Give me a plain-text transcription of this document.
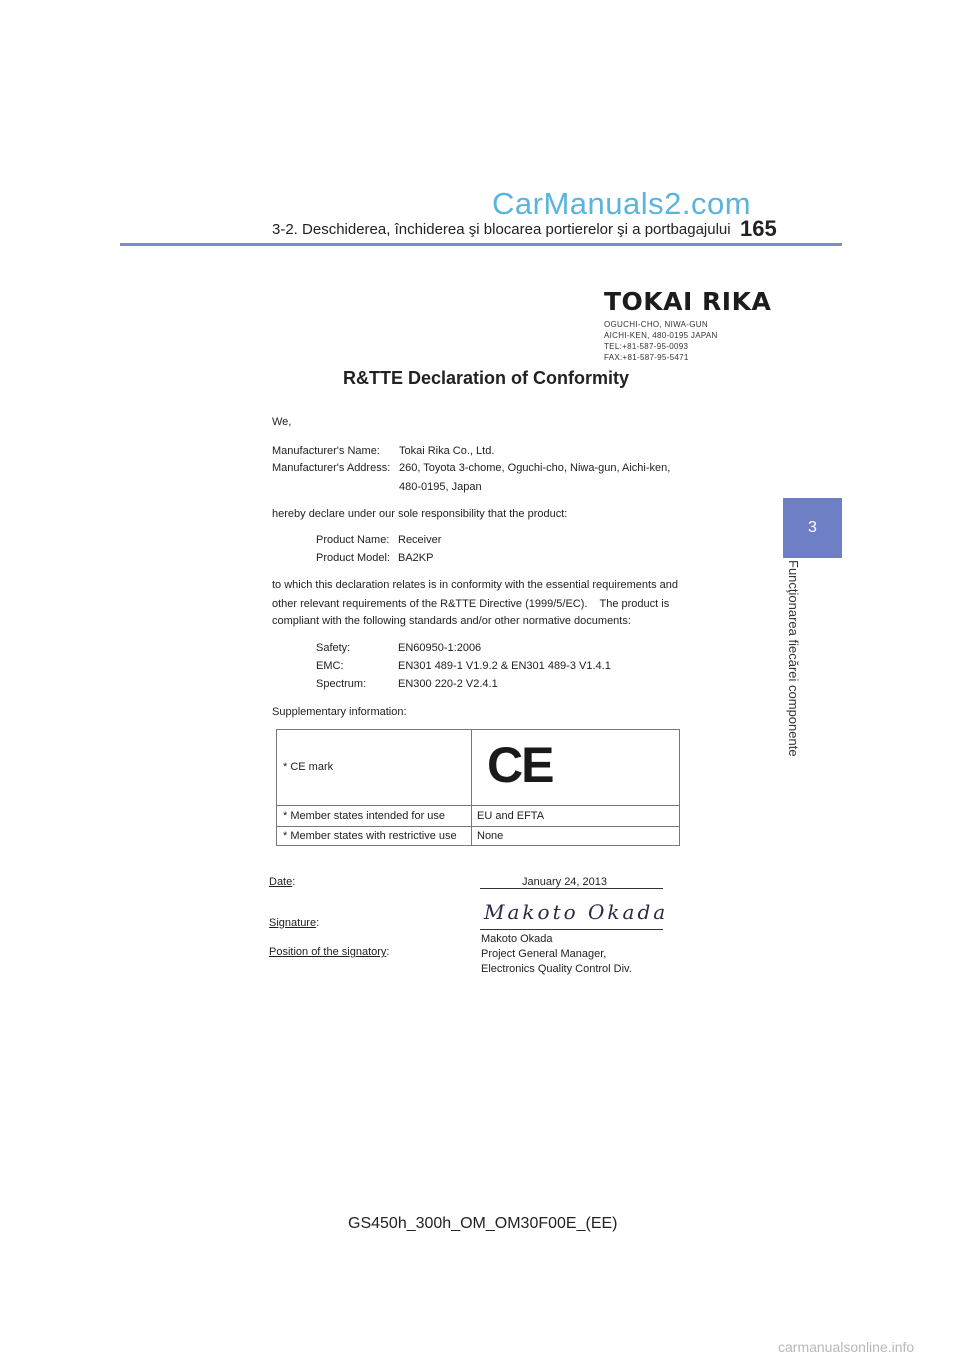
CarManuals2.com
3-2. Deschiderea, închiderea şi blocarea portierelor şi a portbagajului 165
3
Funcţionarea fiecărei componente
TOKAI RIKA
OGUCHI-CHO, NIWA-GUN
AICHI-KEN, 480-0195 JAPAN
TEL:+81-587-95-0093
FAX:+81-587-95-5471
R&TTE Declaration of Conformity
We,
Manufacturer's Name: Tokai Rika Co., Ltd.
Manufacturer's Address: 260, Toyota 3-chome, Oguchi-cho, Niwa-gun, Aichi-ken,
480-0195, Japan
hereby declare under our sole responsibility that the product:
Product Name: Receiver
Product Model: BA2KP
to which this declaration relates is in conformity with the essential requirements and
other relevant requirements of the R&TTE Directive (1999/5/EC).    The product is
compliant with the following standards and/or other normative documents:
Safety:	EN60950-1:2006
EMC:	EN301 489-1 V1.9.2 & EN301 489-3 V1.4.1
Spectrum:	EN300 220-2 V2.4.1
Supplementary information:
* CE mark	CE
* Member states intended for use	EU and EFTA
* Member states with restrictive use None
Date:	January 24, 2013
Signature:	Makoto Okada
Position of the signatory:
Makoto Okada
Project General Manager,
Electronics Quality Control Div.
GS450h_300h_OM_OM30F00E_(EE)
carmanualsonline.info
